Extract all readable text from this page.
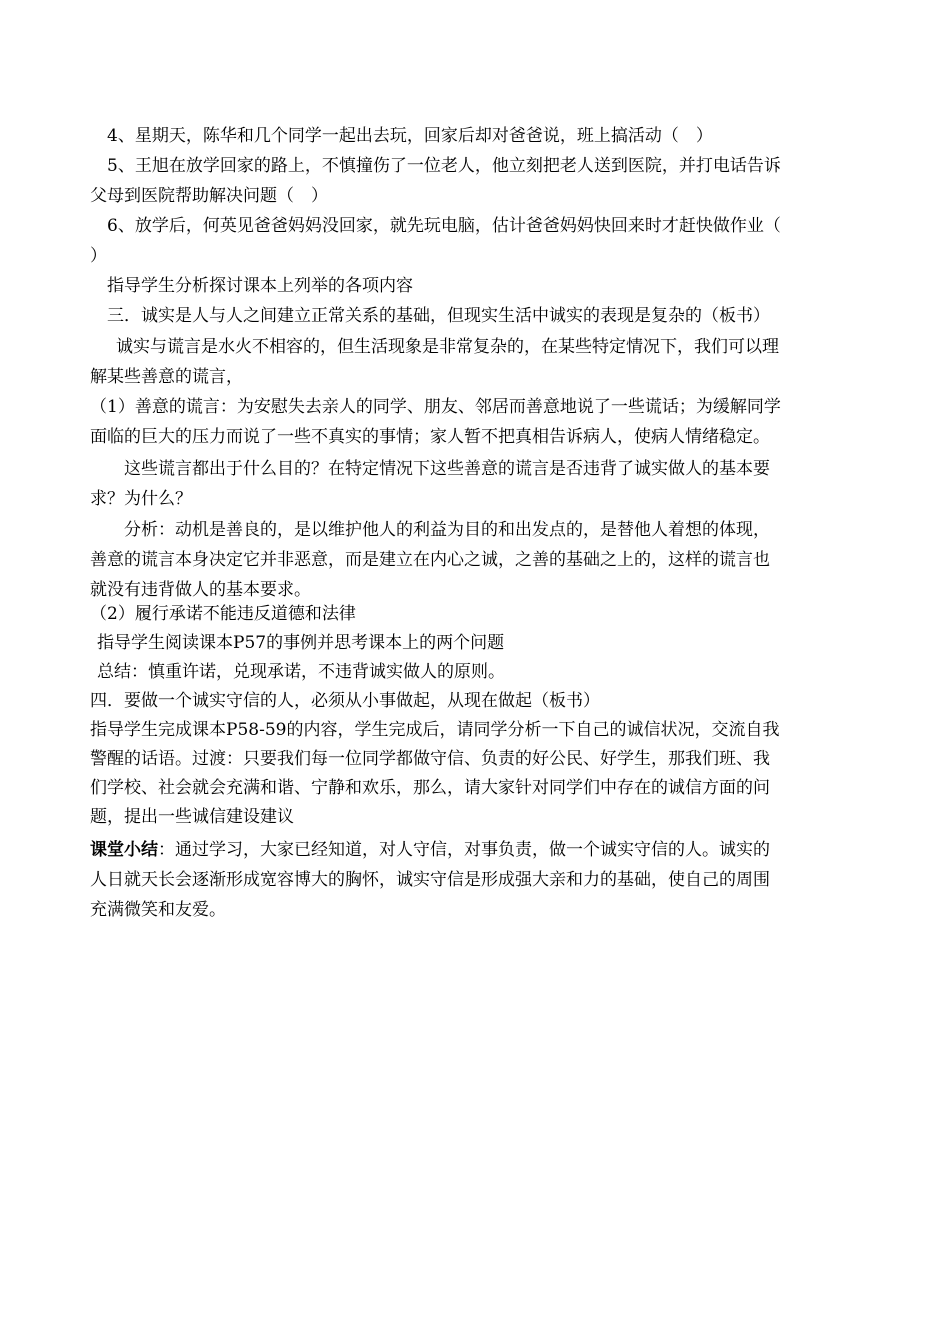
4、星期天，陈华和几个同学一起出去玩，回家后却对爸爸说，班上搞活动（　）
5、王旭在放学回家的路上，不慎撞伤了一位老人，他立刻把老人送到医院，并打电话告诉
父母到医院帮助解决问题（　）
6、放学后，何英见爸爸妈妈没回家，就先玩电脑，估计爸爸妈妈快回来时才赶快做作业（
）
指导学生分析探讨课本上列举的各项内容
三．诚实是人与人之间建立正常关系的基础，但现实生活中诚实的表现是复杂的（板书）
诚实与谎言是水火不相容的，但生活现象是非常复杂的，在某些特定情况下，我们可以理
解某些善意的谎言，
（1）善意的谎言：为安慰失去亲人的同学、朋友、邻居而善意地说了一些谎话；为缓解同学
面临的巨大的压力而说了一些不真实的事情；家人暂不把真相告诉病人，使病人情绪稳定。
这些谎言都出于什么目的？在特定情况下这些善意的谎言是否违背了诚实做人的基本要
求？为什么？
分析：动机是善良的，是以维护他人的利益为目的和出发点的，是替他人着想的体现，
善意的谎言本身决定它并非恶意，而是建立在内心之诚，之善的基础之上的，这样的谎言也
就没有违背做人的基本要求。
（2）履行承诺不能违反道德和法律
指导学生阅读课本P57的事例并思考课本上的两个问题
总结：慎重许诺，兑现承诺，不违背诚实做人的原则。
四．要做一个诚实守信的人，必须从小事做起，从现在做起（板书）
指导学生完成课本P58-59的内容，学生完成后，请同学分析一下自己的诚信状况，交流自我
警醒的话语。过渡：只要我们每一位同学都做守信、负责的好公民、好学生，那我们班、我
们学校、社会就会充满和谐、宁静和欢乐，那么，请大家针对同学们中存在的诚信方面的问
题，提出一些诚信建设建议
课堂小结：通过学习，大家已经知道，对人守信，对事负责，做一个诚实守信的人。诚实的
人日就天长会逐渐形成宽容博大的胸怀，诚实守信是形成强大亲和力的基础，使自己的周围
充满微笑和友爱。
